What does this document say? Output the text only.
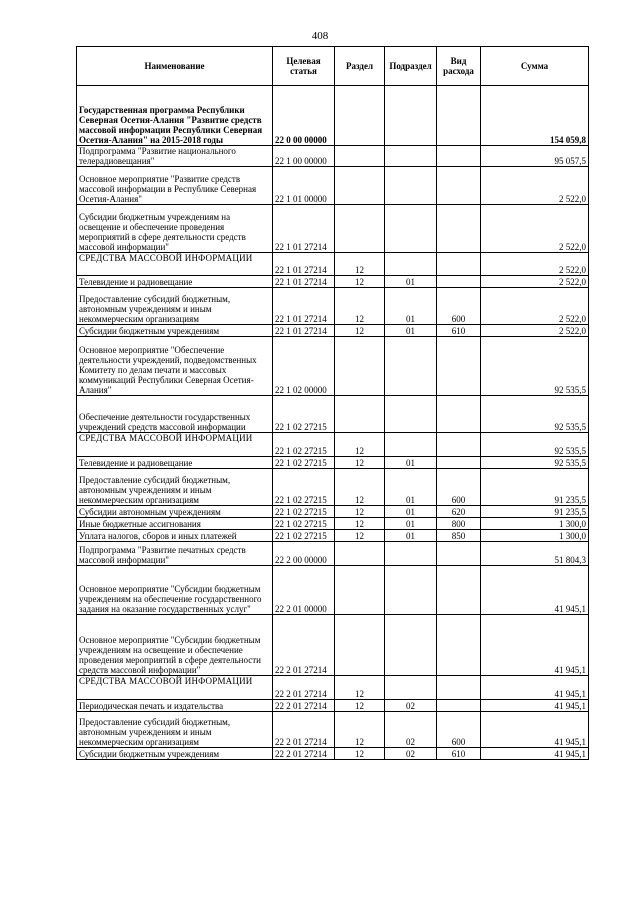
408
Наименование	Целевая статья	Раздел	Подраздел	Вид расхода	Сумма
Государственная программа Республики Северная Осетия-Алания "Развитие средств массовой информации Республики Северная Осетия-Алания" на 2015-2018 годы	22 0 00 00000				154 059,8
Подпрограмма "Развитие национального телерадиовещания"	22 1 00 00000				95 057,5
Основное мероприятие "Развитие средств массовой информации в Республике Северная Осетия-Алания"	22 1 01 00000				2 522,0
Субсидии бюджетным учреждениям на освещение и обеспечение проведения мероприятий в сфере деятельности средств массовой информации"	22 1 01 27214				2 522,0
СРЕДСТВА МАССОВОЙ ИНФОРМАЦИИ	22 1 01 27214	12			2 522,0
Телевидение и радиовещание	22 1 01 27214	12	01		2 522,0
Предоставление субсидий бюджетным, автономным учреждениям и иным некоммерческим организациям	22 1 01 27214	12	01	600	2 522,0
Субсидии бюджетным учреждениям	22 1 01 27214	12	01	610	2 522,0
Основное мероприятие "Обеспечение деятельности учреждений, подведомственных Комитету по делам печати и массовых коммуникаций Республики Северная Осетия-Алания"	22 1 02 00000				92 535,5
Обеспечение деятельности государственных учреждений средств массовой информации	22 1 02 27215				92 535,5
СРЕДСТВА МАССОВОЙ ИНФОРМАЦИИ	22 1 02 27215	12			92 535,5
Телевидение и радиовещание	22 1 02 27215	12	01		92 535,5
Предоставление субсидий бюджетным, автономным учреждениям и иным некоммерческим организациям	22 1 02 27215	12	01	600	91 235,5
Субсидии автономным учреждениям	22 1 02 27215	12	01	620	91 235,5
Иные бюджетные ассигнования	22 1 02 27215	12	01	800	1 300,0
Уплата налогов, сборов и иных платежей	22 1 02 27215	12	01	850	1 300,0
Подпрограмма "Развитие печатных средств массовой информации"	22 2 00 00000				51 804,3
Основное мероприятие "Субсидии бюджетным учреждениям на обеспечение государственного задания на оказание государственных услуг"	22 2 01 00000				41 945,1
Основное мероприятие "Субсидии бюджетным учреждениям на освещение и обеспечение проведения мероприятий в сфере деятельности средств массовой информации"	22 2 01 27214				41 945,1
СРЕДСТВА МАССОВОЙ ИНФОРМАЦИИ	22 2 01 27214	12			41 945,1
Периодическая печать и издательства	22 2 01 27214	12	02		41 945,1
Предоставление субсидий бюджетным, автономным учреждениям и иным некоммерческим организациям	22 2 01 27214	12	02	600	41 945,1
Субсидии бюджетным учреждениям	22 2 01 27214	12	02	610	41 945,1
